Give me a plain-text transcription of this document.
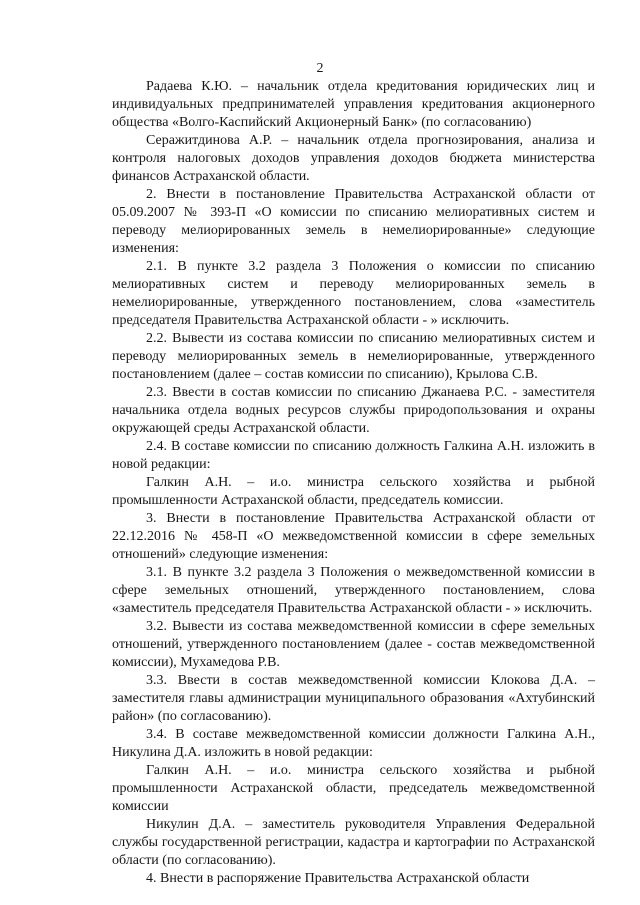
2

Радаева К.Ю. – начальник отдела кредитования юридических лиц и индивидуальных предпринимателей управления кредитования акционерного общества «Волго-Каспийский Акционерный Банк» (по согласованию)

Серажитдинова А.Р. – начальник отдела прогнозирования, анализа и контроля налоговых доходов управления доходов бюджета министерства финансов Астраханской области.

2. Внести в постановление Правительства Астраханской области от 05.09.2007 № 393-П «О комиссии по списанию мелиоративных систем и переводу мелиорированных земель в немелиорированные» следующие изменения:

2.1. В пункте 3.2 раздела 3 Положения о комиссии по списанию мелиоративных систем и переводу мелиорированных земель в немелиорированные, утвержденного постановлением, слова «заместитель председателя Правительства Астраханской области - » исключить.

2.2. Вывести из состава комиссии по списанию мелиоративных систем и переводу мелиорированных земель в немелиорированные, утвержденного постановлением (далее – состав комиссии по списанию), Крылова С.В.

2.3. Ввести в состав комиссии по списанию Джанаева Р.С. - заместителя начальника отдела водных ресурсов службы природопользования и охраны окружающей среды Астраханской области.

2.4. В составе комиссии по списанию должность Галкина А.Н. изложить в новой редакции:

Галкин А.Н. – и.о. министра сельского хозяйства и рыбной промышленности Астраханской области, председатель комиссии.

3. Внести в постановление Правительства Астраханской области от 22.12.2016 № 458-П «О межведомственной комиссии в сфере земельных отношений» следующие изменения:

3.1. В пункте 3.2 раздела 3 Положения о межведомственной комиссии в сфере земельных отношений, утвержденного постановлением, слова «заместитель председателя Правительства Астраханской области - » исключить.

3.2. Вывести из состава межведомственной комиссии в сфере земельных отношений, утвержденного постановлением (далее - состав межведомственной комиссии), Мухамедова Р.В.

3.3. Ввести в состав межведомственной комиссии Клокова Д.А. – заместителя главы администрации муниципального образования «Ахтубинский район» (по согласованию).

3.4. В составе межведомственной комиссии должности Галкина А.Н., Никулина Д.А. изложить в новой редакции:

Галкин А.Н. – и.о. министра сельского хозяйства и рыбной промышленности Астраханской области, председатель межведомственной комиссии

Никулин Д.А. – заместитель руководителя Управления Федеральной службы государственной регистрации, кадастра и картографии по Астраханской области (по согласованию).

4. Внести в распоряжение Правительства Астраханской области
